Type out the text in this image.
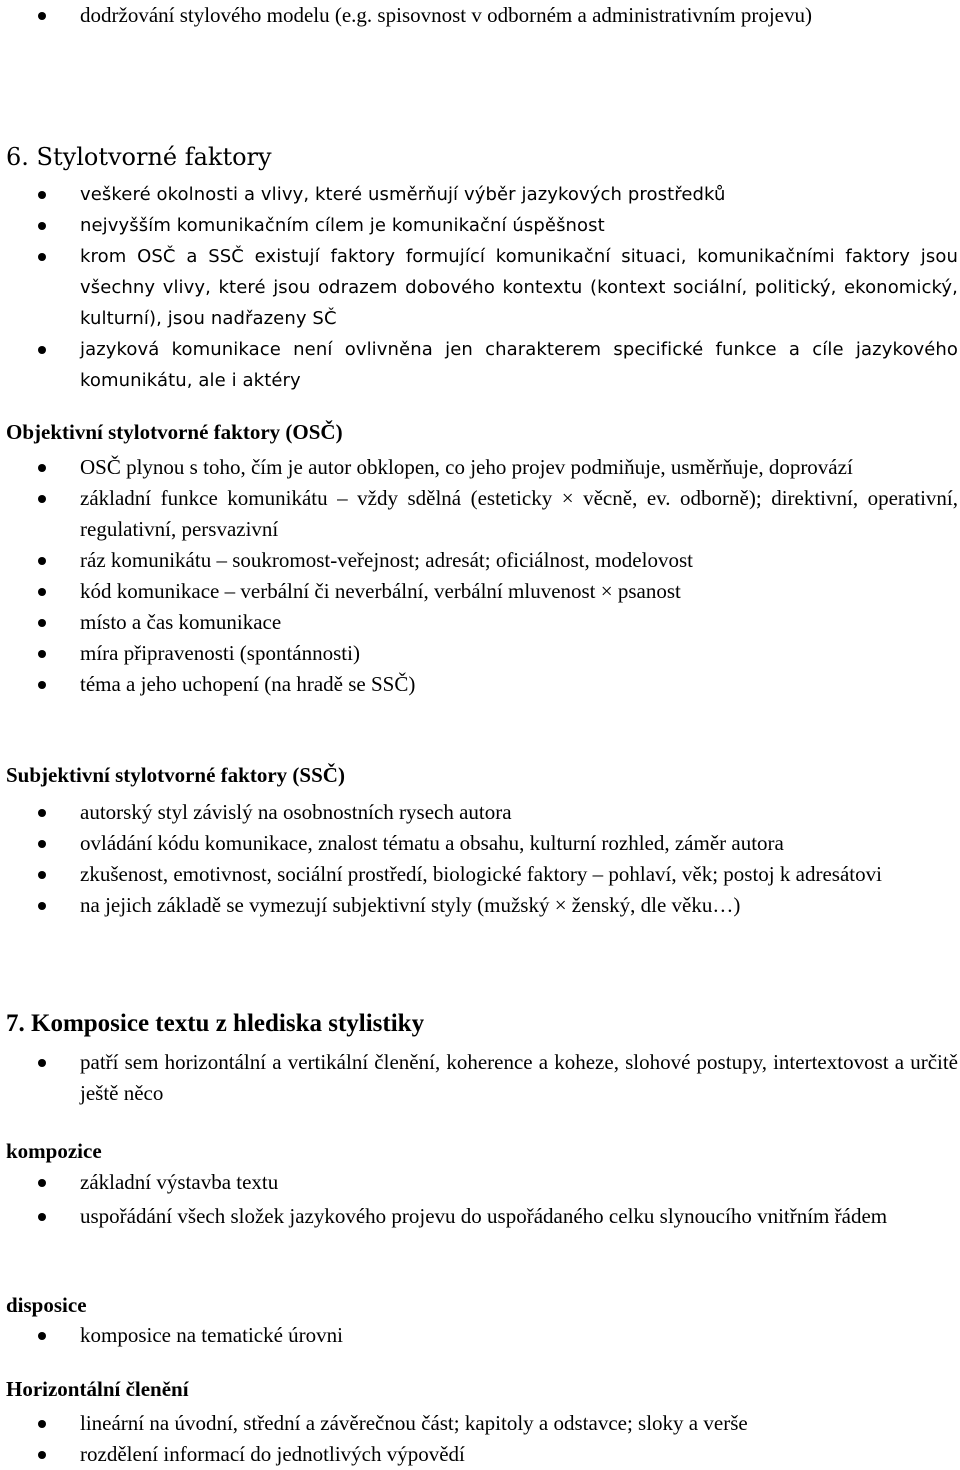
dodržování stylového modelu (e.g. spisovnost v odborném a administrativním projevu)
6. Stylotvorné faktory
veškeré okolnosti a vlivy, které usměrňují výběr jazykových prostředků
nejvyšším komunikačním cílem je komunikační úspěšnost
krom OSČ a SSČ existují faktory formující komunikační situaci, komunikačními faktory jsou všechny vlivy, které jsou odrazem dobového kontextu (kontext sociální, politický, ekonomický, kulturní), jsou nadřazeny SČ
jazyková komunikace není ovlivněna jen charakterem specifické funkce a cíle jazykového komunikátu, ale i aktéry
Objektivní stylotvorné faktory (OSČ)
OSČ plynou s toho, čím je autor obklopen, co jeho projev podmiňuje, usměrňuje, doprovází
základní funkce komunikátu – vždy sdělná (esteticky × věcně, ev. odborně); direktivní, operativní, regulativní, persvazivní
ráz komunikátu – soukromost-veřejnost; adresát; oficiálnost, modelovost
kód komunikace – verbální či neverbální, verbální mluvenost × psanost
místo a čas komunikace
míra připravenosti (spontánnosti)
téma a jeho uchopení (na hradě se SSČ)
Subjektivní stylotvorné faktory (SSČ)
autorský styl závislý na osobnostních rysech autora
ovládání kódu komunikace, znalost tématu a obsahu, kulturní rozhled, záměr autora
zkušenost, emotivnost, sociální prostředí, biologické faktory – pohlaví, věk; postoj k adresátovi
na jejich základě se vymezují subjektivní styly (mužský × ženský, dle věku…)
7. Komposice textu z hlediska stylistiky
patří sem horizontální a vertikální členění, koherence a koheze, slohové postupy, intertextovost a určitě ještě něco
kompozice
základní výstavba textu
uspořádání všech složek jazykového projevu do uspořádaného celku slynoucího vnitřním řádem
disposice
komposice na tematické úrovni
Horizontální členění
lineární na úvodní, střední a závěrečnou část; kapitoly a odstavce; sloky a verše
rozdělení informací do jednotlivých výpovědí
